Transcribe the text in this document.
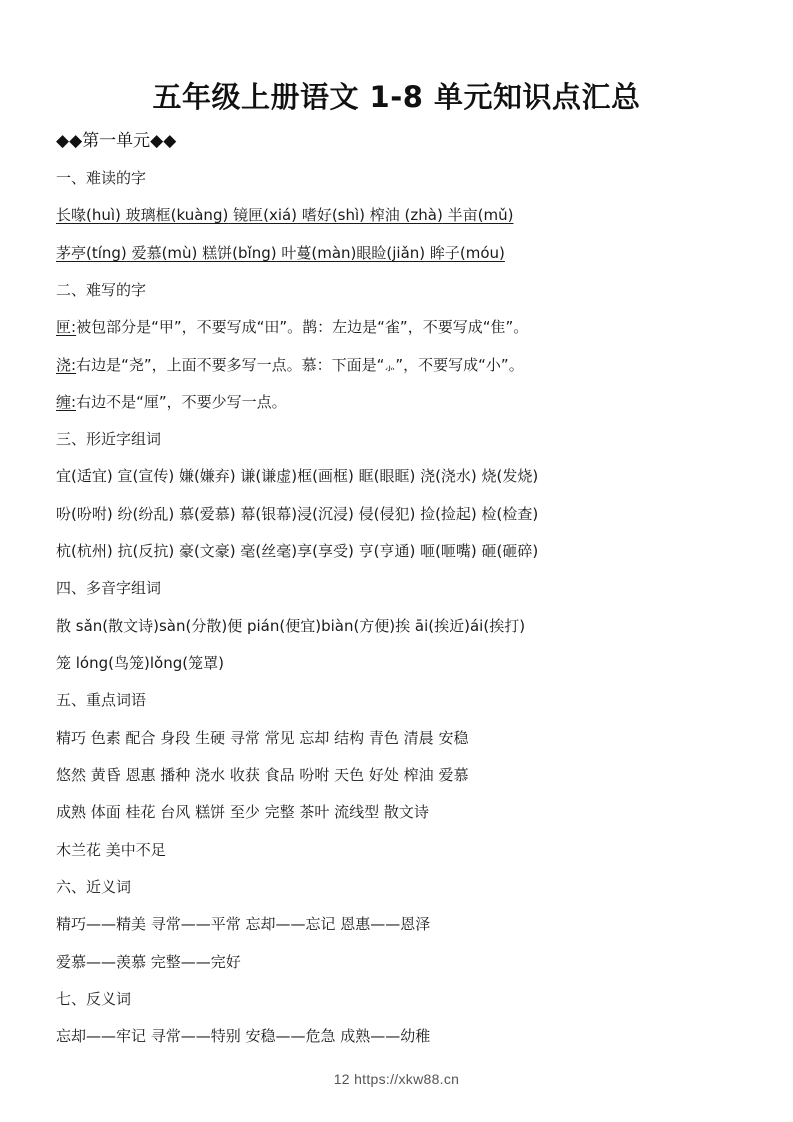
五年级上册语文 1-8 单元知识点汇总
◆◆第一单元◆◆
一、难读的字
长喙(huì) 玻璃框(kuàng) 镜匣(xiá) 嗜好(shì) 榨油 (zhà) 半亩(mǔ)
茅亭(tíng) 爱慕(mù) 糕饼(bǐng) 叶蔓(màn)眼睑(jiǎn) 眸子(móu)
二、难写的字
匣:被包部分是“甲”，不要写成“田”。鹊：左边是“雀”，不要写成“隹”。
浇:右边是“尧”，上面不要多写一点。慕：下面是“⺗”，不要写成“小”。
缠:右边不是“厘”，不要少写一点。
三、形近字组词
宜(适宜) 宣(宣传) 嫌(嫌弃) 谦(谦虚)框(画框) 眶(眼眶) 浇(浇水) 烧(发烧)
吩(吩咐) 纷(纷乱) 慕(爱慕) 幕(银幕)浸(沉浸) 侵(侵犯) 捡(捡起) 检(检查)
杭(杭州) 抗(反抗) 豪(文豪) 毫(丝毫)享(享受) 亨(亨通) 咂(咂嘴) 砸(砸碎)
四、多音字组词
散 sǎn(散文诗)sàn(分散)便 pián(便宜)biàn(方便)挨 āi(挨近)ái(挨打)
笼 lóng(鸟笼)lǒng(笼罩)
五、重点词语
精巧 色素 配合 身段 生硬 寻常 常见 忘却 结构 青色 清晨 安稳
悠然 黄昏 恩惠 播种 浇水 收获 食品 吩咐 天色 好处 榨油 爱慕
成熟 体面 桂花 台风 糕饼 至少 完整 茶叶 流线型 散文诗
木兰花 美中不足
六、近义词
精巧——精美 寻常——平常 忘却——忘记 恩惠——恩泽
爱慕——羡慕 完整——完好
七、反义词
忘却——牢记 寻常——特别 安稳——危急 成熟——幼稚
12 https://xkw88.cn
